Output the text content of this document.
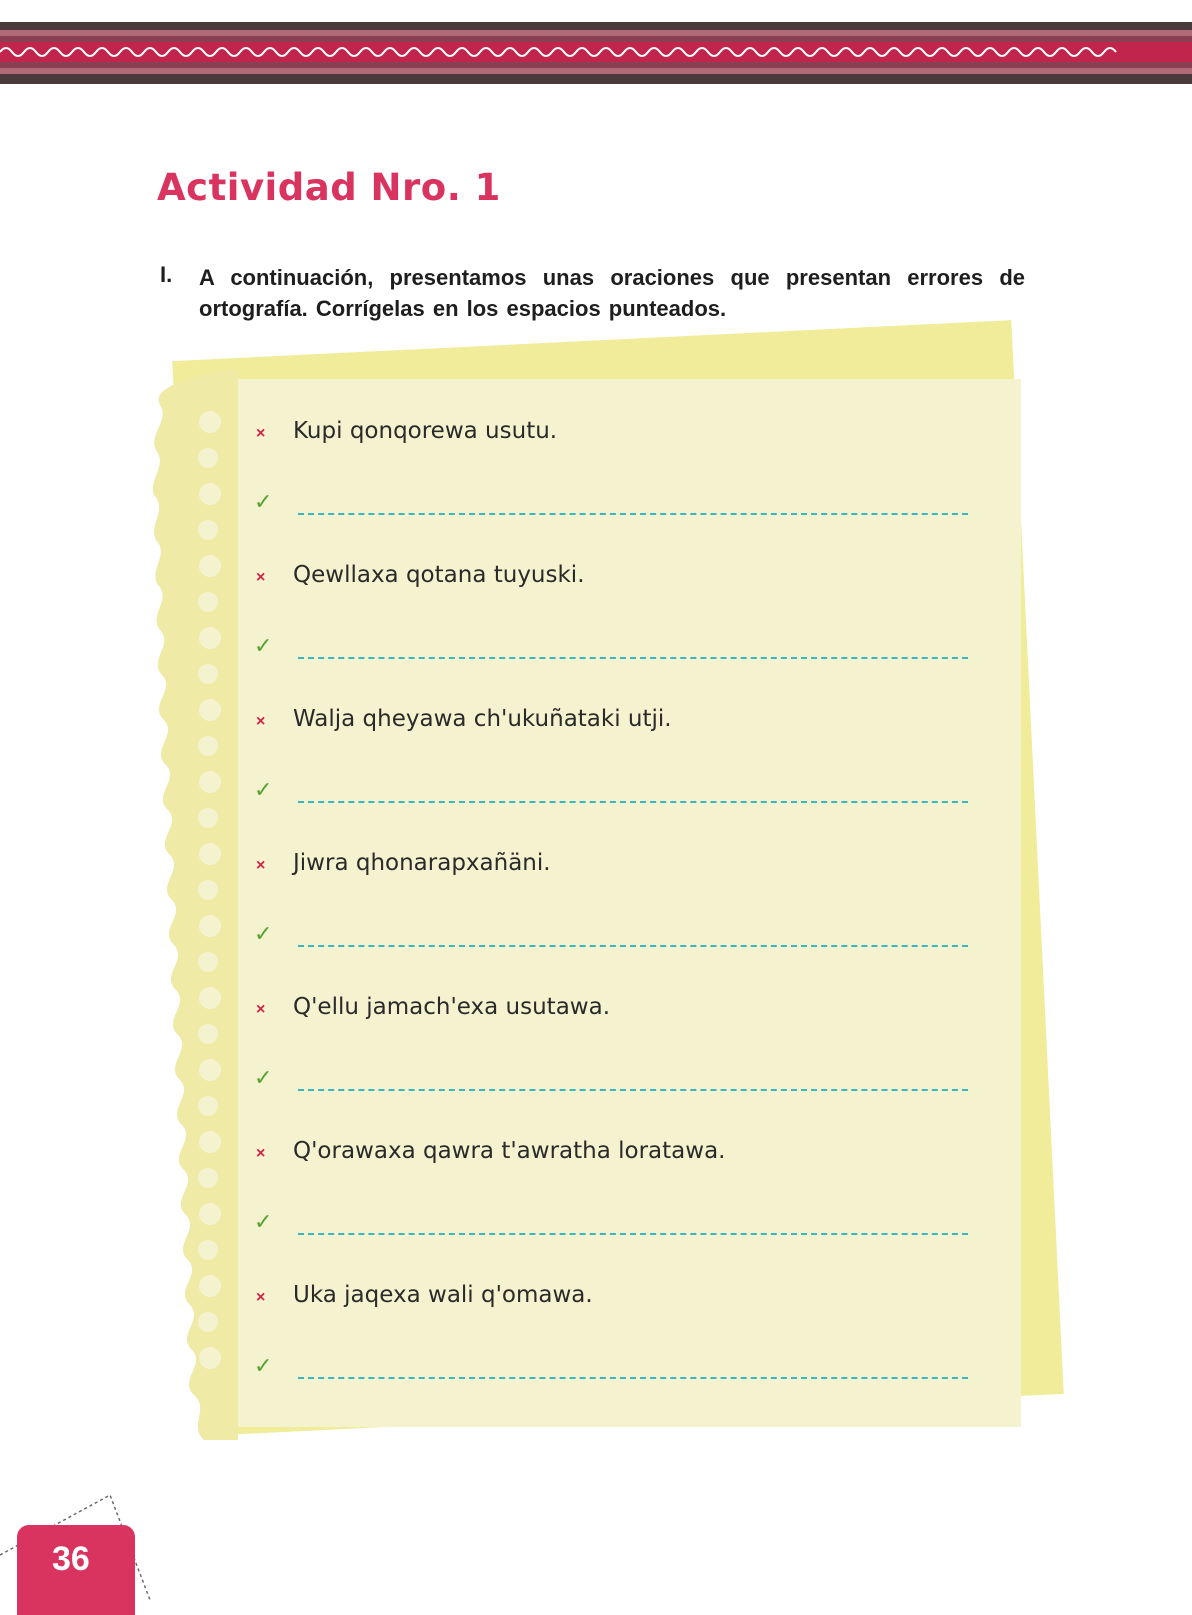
Actividad Nro. 1
I. A continuación, presentamos unas oraciones que presentan errores de ortografía. Corrígelas en los espacios punteados.
× Kupi qonqorewa usutu.
✓
× Qewllaxa qotana tuyuski.
✓
× Walja qheyawa ch'ukuñataki utji.
✓
× Jiwra qhonarapxañäni.
✓
× Q'ellu jamach'exa usutawa.
✓
× Q'orawaxa qawra t'awratha loratawa.
✓
× Uka jaqexa wali q'omawa.
✓
36
